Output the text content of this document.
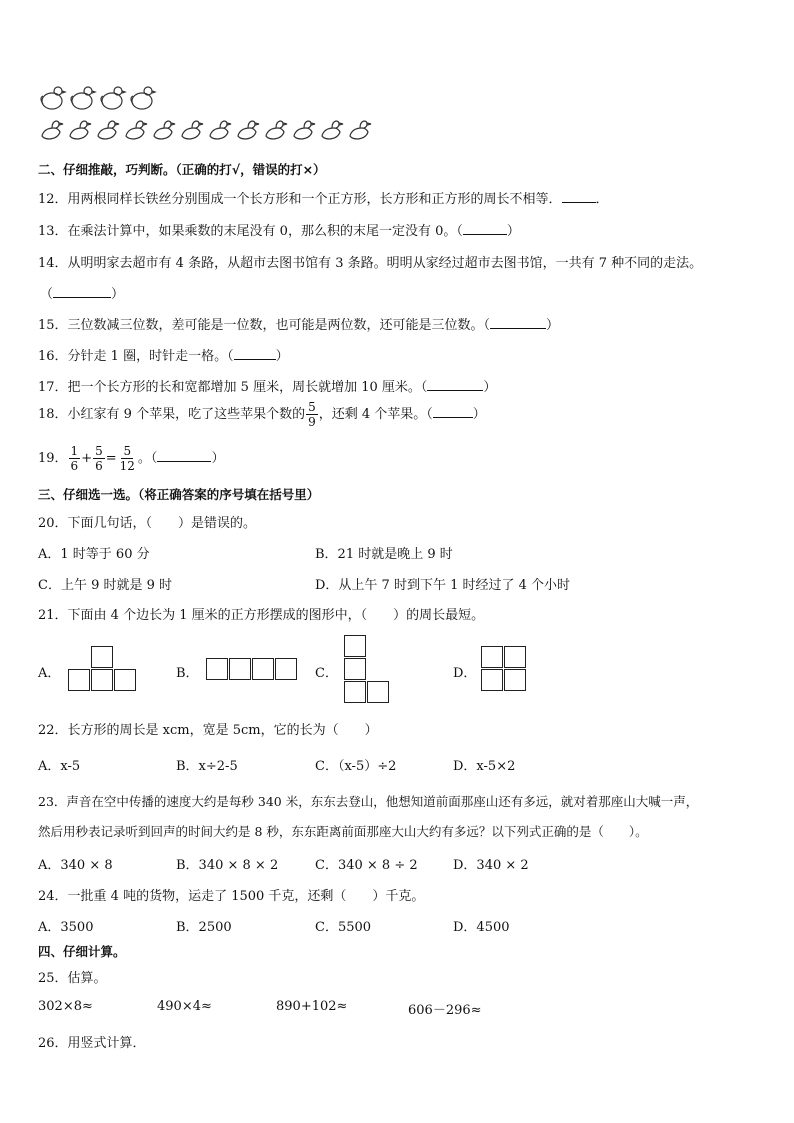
二、仔细推敲，巧判断。（正确的打√，错误的打×）
12．用两根同样长铁丝分别围成一个长方形和一个正方形，长方形和正方形的周长不相等．	．
13．在乘法计算中，如果乘数的末尾没有 0，那么积的末尾一定没有 0。（	）
14．从明明家去超市有 4 条路，从超市去图书馆有 3 条路。明明从家经过超市去图书馆，一共有 7 种不同的走法。
（	）
15．三位数减三位数，差可能是一位数，也可能是两位数，还可能是三位数。（	）
16．分针走 1 圈，时针走一格。（	）
17．把一个长方形的长和宽都增加 5 厘米，周长就增加 10 厘米。（	）
18．小红家有 9 个苹果，吃了这些苹果个数的 $\frac{5}{9}$ ，还剩 4 个苹果。（	）
19． $\frac{1}{6} + \frac{5}{6} = \frac{5}{12}$ 。（	）
三、仔细选一选。（将正确答案的序号填在括号里）
20．下面几句话，（　　）是错误的。
A．1 时等于 60 分	B．21 时就是晚上 9 时
C．上午 9 时就是 9 时	D．从上午 7 时到下午 1 时经过了 4 个小时
21．下面由 4 个边长为 1 厘米的正方形摆成的图形中，（　　）的周长最短。
A．	B．	C．	D．
22．长方形的周长是 xcm，宽是 5cm，它的长为（　　）
A．x-5	B．x÷2-5	C．（x-5）÷2	D．x-5×2
23．声音在空中传播的速度大约是每秒 340 米，东东去登山，他想知道前面那座山还有多远，就对着那座山大喊一声，
然后用秒表记录听到回声的时间大约是 8 秒，东东距离前面那座大山大约有多远？以下列式正确的是（　　）。
A．340 × 8	B．340 × 8 × 2	C．340 × 8 ÷ 2	D．340 × 2
24．一批重 4 吨的货物，运走了 1500 千克，还剩（　　）千克。
A．3500	B．2500	C．5500	D．4500
四、仔细计算。
25．估算。
302×8≈	490×4≈	890+102≈	606－296≈
26．用竖式计算．
